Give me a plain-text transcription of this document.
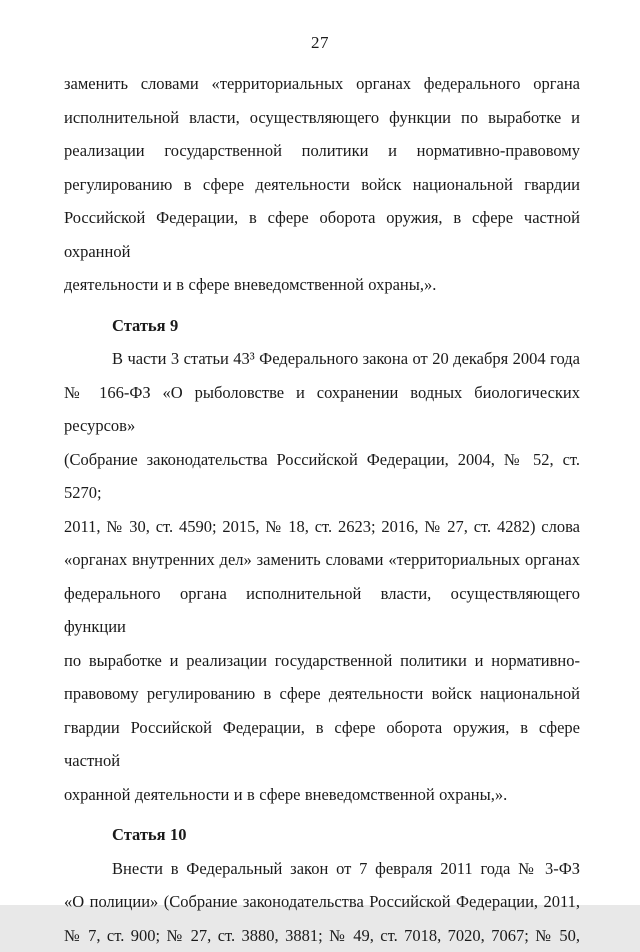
27
заменить словами «территориальных органах федерального органа
исполнительной власти, осуществляющего функции по выработке и
реализации государственной политики и нормативно-правовому
регулированию в сфере деятельности войск национальной гвардии
Российской Федерации, в сфере оборота оружия, в сфере частной охранной
деятельности и в сфере вневедомственной охраны,».
Статья 9
В части 3 статьи 43³ Федерального закона от 20 декабря 2004 года
№ 166-ФЗ «О рыболовстве и сохранении водных биологических ресурсов»
(Собрание законодательства Российской Федерации, 2004, № 52, ст. 5270;
2011, № 30, ст. 4590; 2015, № 18, ст. 2623; 2016, № 27, ст. 4282) слова
«органах внутренних дел» заменить словами «территориальных органах
федерального органа исполнительной власти, осуществляющего функции
по выработке и реализации государственной политики и нормативно-
правовому регулированию в сфере деятельности войск национальной
гвардии Российской Федерации, в сфере оборота оружия, в сфере частной
охранной деятельности и в сфере вневедомственной охраны,».
Статья 10
Внести в Федеральный закон от 7 февраля 2011 года № 3-ФЗ
«О полиции» (Собрание законодательства Российской Федерации, 2011,
№ 7, ст. 900; № 27, ст. 3880, 3881; № 49, ст. 7018, 7020, 7067; № 50,
